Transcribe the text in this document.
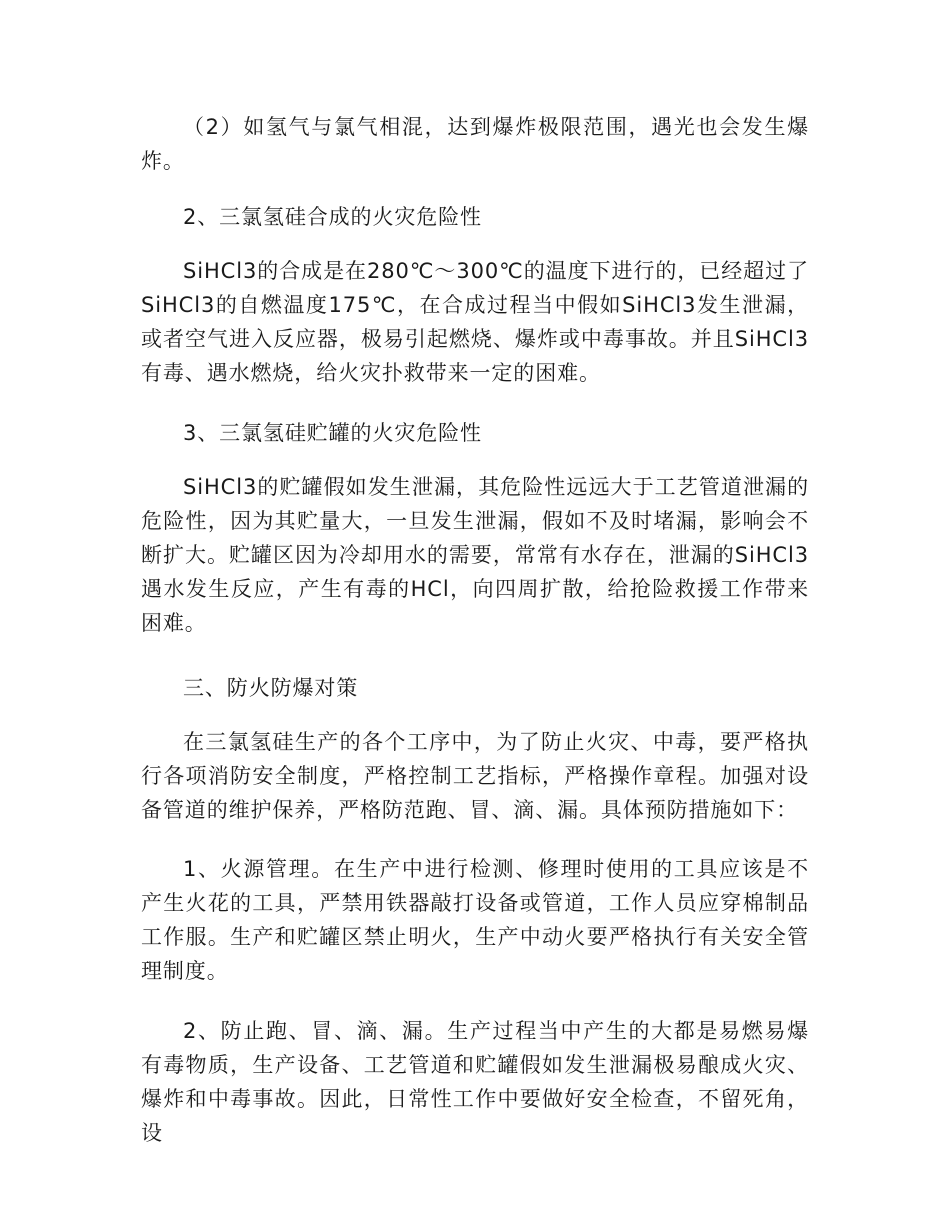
（2）如氢气与氯气相混，达到爆炸极限范围，遇光也会发生爆炸。

2、三氯氢硅合成的火灾危险性

SiHCl3的合成是在280℃～300℃的温度下进行的，已经超过了SiHCl3的自燃温度175℃，在合成过程当中假如SiHCl3发生泄漏，或者空气进入反应器，极易引起燃烧、爆炸或中毒事故。并且SiHCl3有毒、遇水燃烧，给火灾扑救带来一定的困难。

3、三氯氢硅贮罐的火灾危险性

SiHCl3的贮罐假如发生泄漏，其危险性远远大于工艺管道泄漏的危险性，因为其贮量大，一旦发生泄漏，假如不及时堵漏，影响会不断扩大。贮罐区因为冷却用水的需要，常常有水存在，泄漏的SiHCl3遇水发生反应，产生有毒的HCl，向四周扩散，给抢险救援工作带来困难。

三、防火防爆对策

在三氯氢硅生产的各个工序中，为了防止火灾、中毒，要严格执行各项消防安全制度，严格控制工艺指标，严格操作章程。加强对设备管道的维护保养，严格防范跑、冒、滴、漏。具体预防措施如下：

1、火源管理。在生产中进行检测、修理时使用的工具应该是不产生火花的工具，严禁用铁器敲打设备或管道，工作人员应穿棉制品工作服。生产和贮罐区禁止明火，生产中动火要严格执行有关安全管理制度。

2、防止跑、冒、滴、漏。生产过程当中产生的大都是易燃易爆有毒物质，生产设备、工艺管道和贮罐假如发生泄漏极易酿成火灾、爆炸和中毒事故。因此，日常性工作中要做好安全检查，不留死角，设
